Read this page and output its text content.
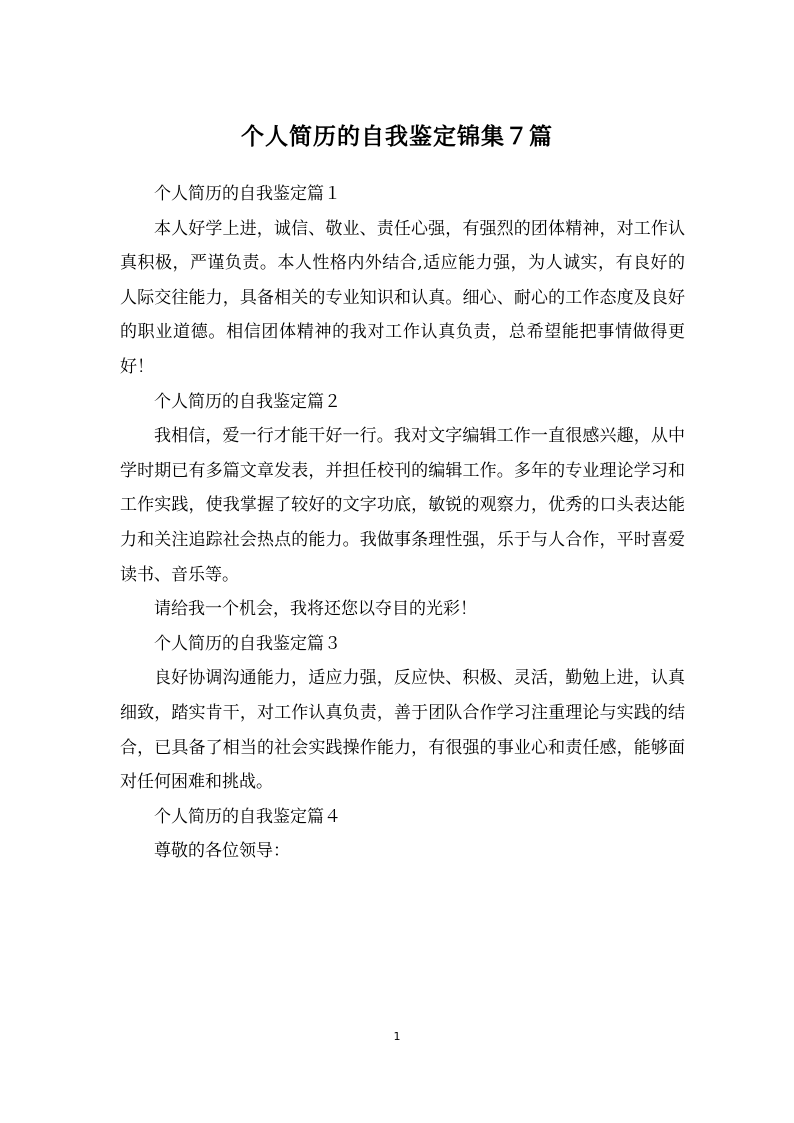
个人简历的自我鉴定锦集７篇

个人简历的自我鉴定篇１

本人好学上进，诚信、敬业、责任心强，有强烈的团体精神，对工作认真积极，严谨负责。本人性格内外结合,适应能力强，为人诚实，有良好的人际交往能力，具备相关的专业知识和认真。细心、耐心的工作态度及良好的职业道德。相信团体精神的我对工作认真负责，总希望能把事情做得更好！

个人简历的自我鉴定篇２

我相信，爱一行才能干好一行。我对文字编辑工作一直很感兴趣，从中学时期已有多篇文章发表，并担任校刊的编辑工作。多年的专业理论学习和工作实践，使我掌握了较好的文字功底，敏锐的观察力，优秀的口头表达能力和关注追踪社会热点的能力。我做事条理性强，乐于与人合作，平时喜爱读书、音乐等。

请给我一个机会，我将还您以夺目的光彩！

个人简历的自我鉴定篇３

良好协调沟通能力，适应力强，反应快、积极、灵活，勤勉上进，认真细致，踏实肯干，对工作认真负责，善于团队合作学习注重理论与实践的结合，已具备了相当的社会实践操作能力，有很强的事业心和责任感，能够面对任何困难和挑战。

个人简历的自我鉴定篇４

尊敬的各位领导：

1
